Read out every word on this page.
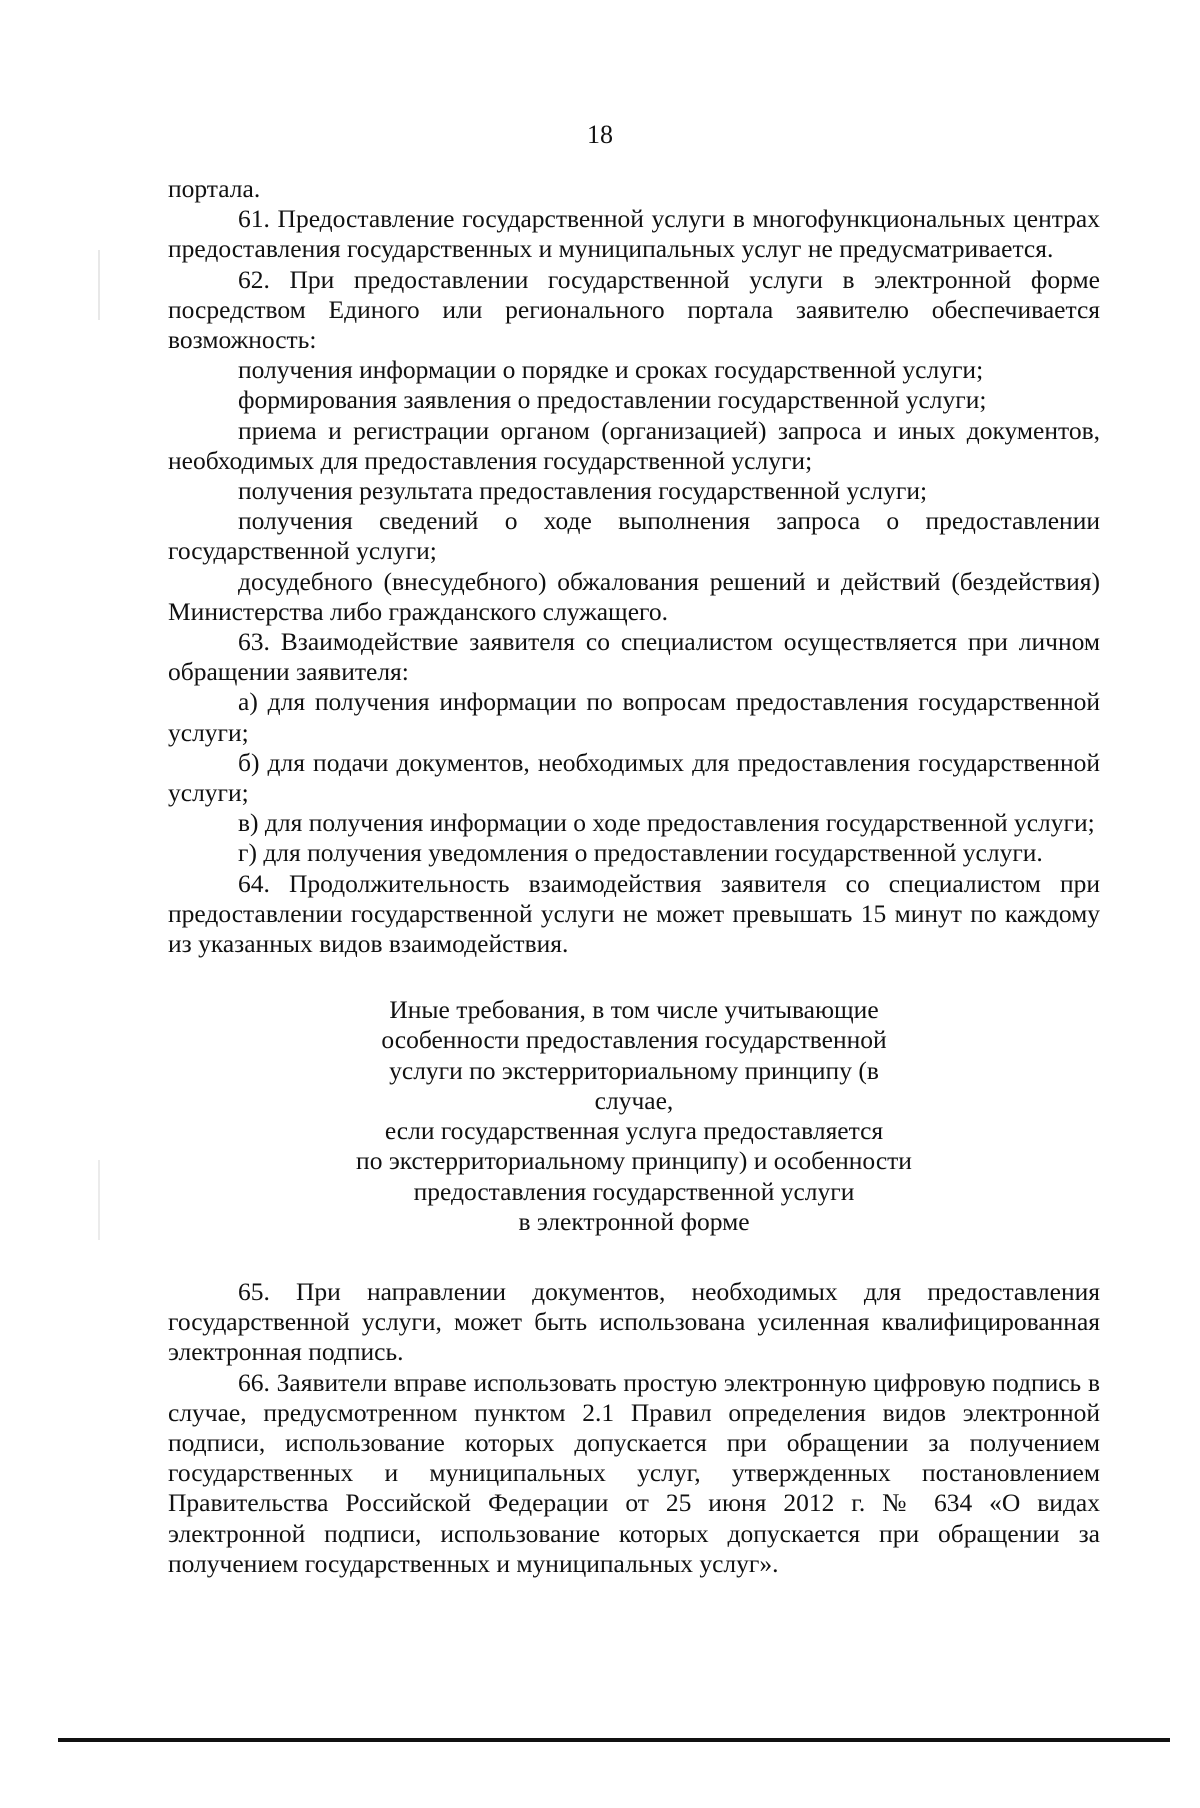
18

портала.

61. Предоставление государственной услуги в многофункциональных центрах предоставления государственных и муниципальных услуг не предусматривается.

62. При предоставлении государственной услуги в электронной форме посредством Единого или регионального портала заявителю обеспечивается возможность:

получения информации о порядке и сроках государственной услуги;

формирования заявления о предоставлении государственной услуги;

приема и регистрации органом (организацией) запроса и иных документов, необходимых для предоставления государственной услуги;

получения результата предоставления государственной услуги;

получения сведений о ходе выполнения запроса о предоставлении государственной услуги;

досудебного (внесудебного) обжалования решений и действий (бездействия) Министерства либо гражданского служащего.

63. Взаимодействие заявителя со специалистом осуществляется при личном обращении заявителя:

а) для получения информации по вопросам предоставления государственной услуги;

б) для подачи документов, необходимых для предоставления государственной услуги;

в) для получения информации о ходе предоставления государственной услуги;

г) для получения уведомления о предоставлении государственной услуги.

64. Продолжительность взаимодействия заявителя со специалистом при предоставлении государственной услуги не может превышать 15 минут по каждому из указанных видов взаимодействия.

Иные требования, в том числе учитывающие
особенности предоставления государственной
услуги по экстерриториальному принципу (в случае,
если государственная услуга предоставляется
по экстерриториальному принципу) и особенности
предоставления государственной услуги
в электронной форме

65. При направлении документов, необходимых для предоставления государственной услуги, может быть использована усиленная квалифицированная электронная подпись.

66. Заявители вправе использовать простую электронную цифровую подпись в случае, предусмотренном пунктом 2.1 Правил определения видов электронной подписи, использование которых допускается при обращении за получением государственных и муниципальных услуг, утвержденных постановлением Правительства Российской Федерации от 25 июня 2012 г. № 634 «О видах электронной подписи, использование которых допускается при обращении за получением государственных и муниципальных услуг».
